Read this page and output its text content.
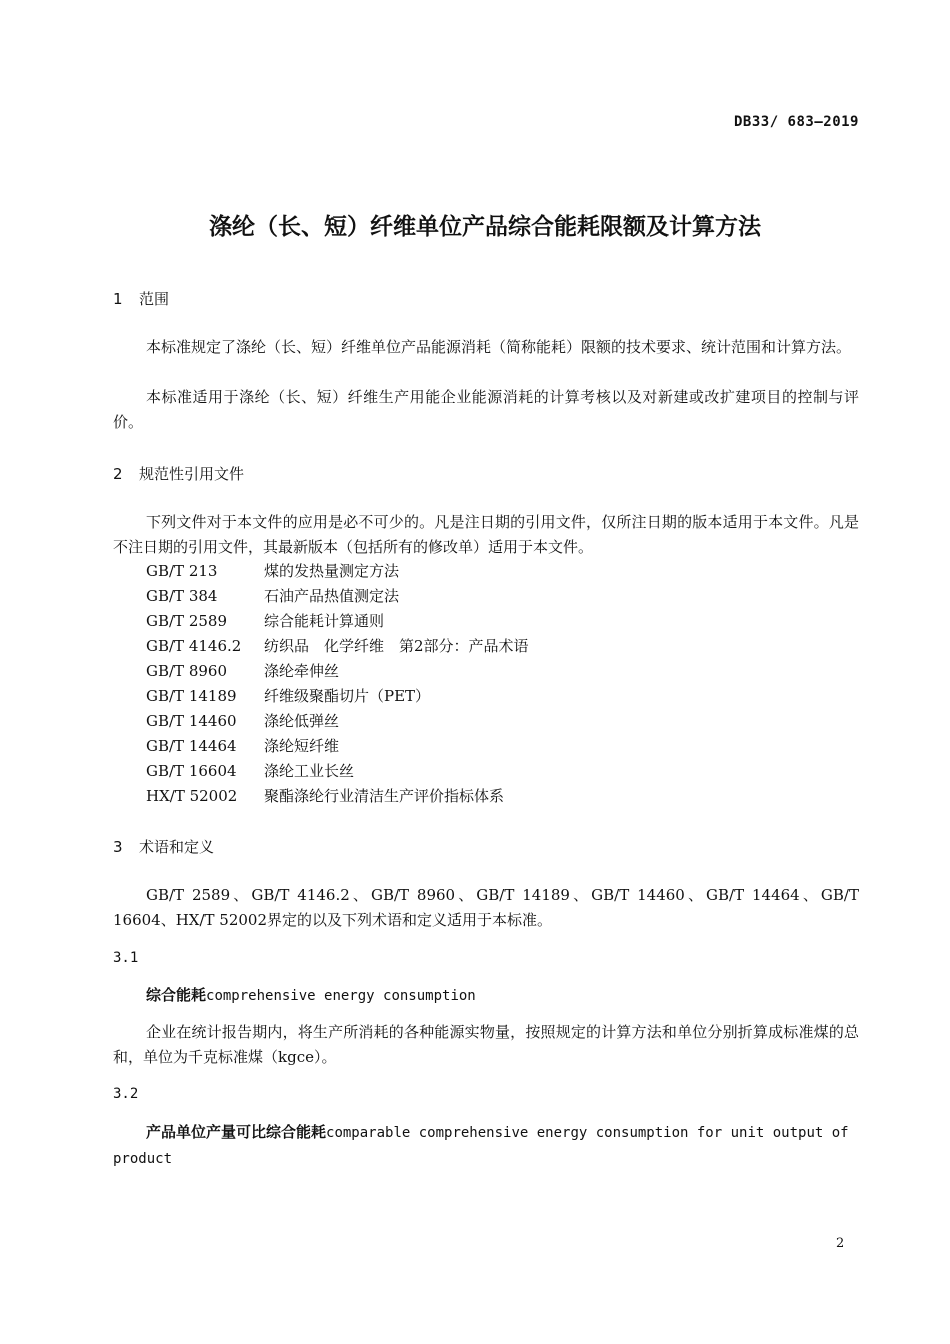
DB33/ 683—2019
涤纶（长、短）纤维单位产品综合能耗限额及计算方法
1 范围
本标准规定了涤纶（长、短）纤维单位产品能源消耗（简称能耗）限额的技术要求、统计范围和计算方法。
本标准适用于涤纶（长、短）纤维生产用能企业能源消耗的计算考核以及对新建或改扩建项目的控制与评价。
2 规范性引用文件
下列文件对于本文件的应用是必不可少的。凡是注日期的引用文件，仅所注日期的版本适用于本文件。凡是不注日期的引用文件，其最新版本（包括所有的修改单）适用于本文件。
GB/T 213	煤的发热量测定方法
GB/T 384	石油产品热值测定法
GB/T 2589 综合能耗计算通则
GB/T 4146.2 纺织品　化学纤维　第2部分：产品术语
GB/T 8960 涤纶牵伸丝
GB/T 14189 纤维级聚酯切片（PET）
GB/T 14460 涤纶低弹丝
GB/T 14464 涤纶短纤维
GB/T 16604 涤纶工业长丝
HX/T 52002 聚酯涤纶行业清洁生产评价指标体系
3 术语和定义
GB/T 2589、GB/T 4146.2、GB/T 8960、GB/T 14189、GB/T 14460、GB/T 14464、GB/T 16604、HX/T 52002界定的以及下列术语和定义适用于本标准。
3.1
综合能耗comprehensive energy consumption
企业在统计报告期内，将生产所消耗的各种能源实物量，按照规定的计算方法和单位分别折算成标准煤的总和，单位为千克标准煤（kgce）。
3.2
产品单位产量可比综合能耗comparable comprehensive energy consumption for unit output of product
2
